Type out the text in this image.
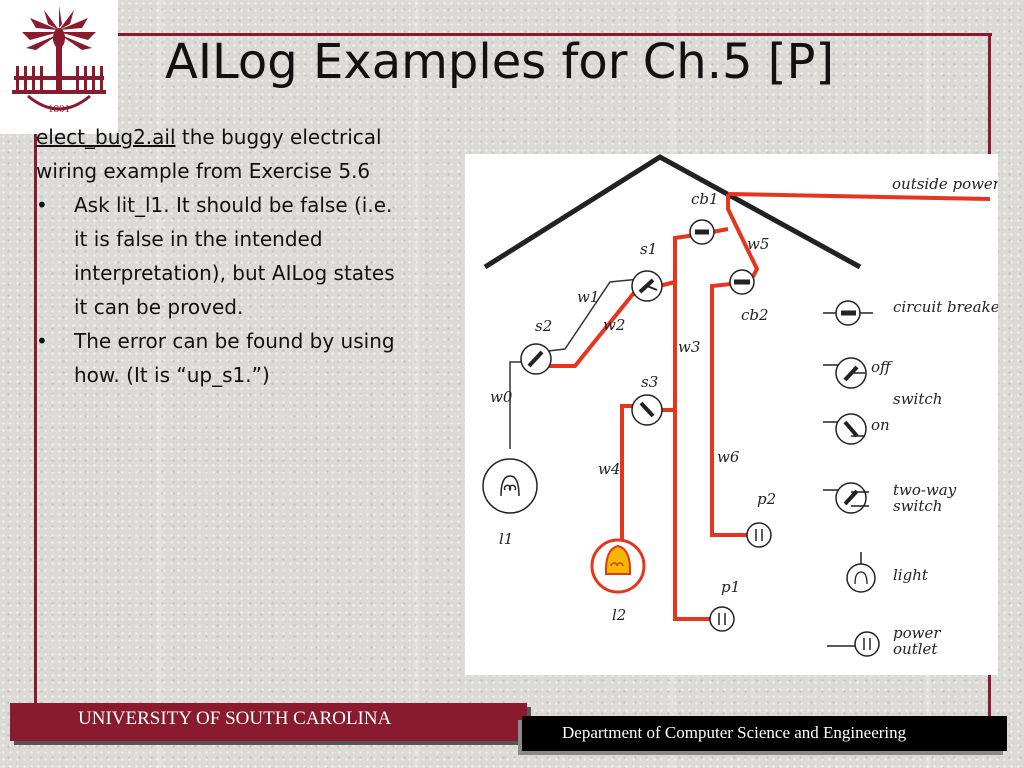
1801
AILog Examples for Ch.5 [P]
elect_bug2.ail the buggy electrical wiring example from Exercise 5.6
• Ask lit_l1. It should be false (i.e. it is false in the intended interpretation), but AILog states it can be proved.
• The error can be found by using how. (It is “up_s1.”)
cb1
w5
cb2
s1
w1
w2
s2
w3
w0
s3
w4
w6
p2
p1
l1
l2
outside power
circuit breaker
off
switch
on
two-way
switch
light
power
outlet
UNIVERSITY OF SOUTH CAROLINA
Department of Computer Science and Engineering
